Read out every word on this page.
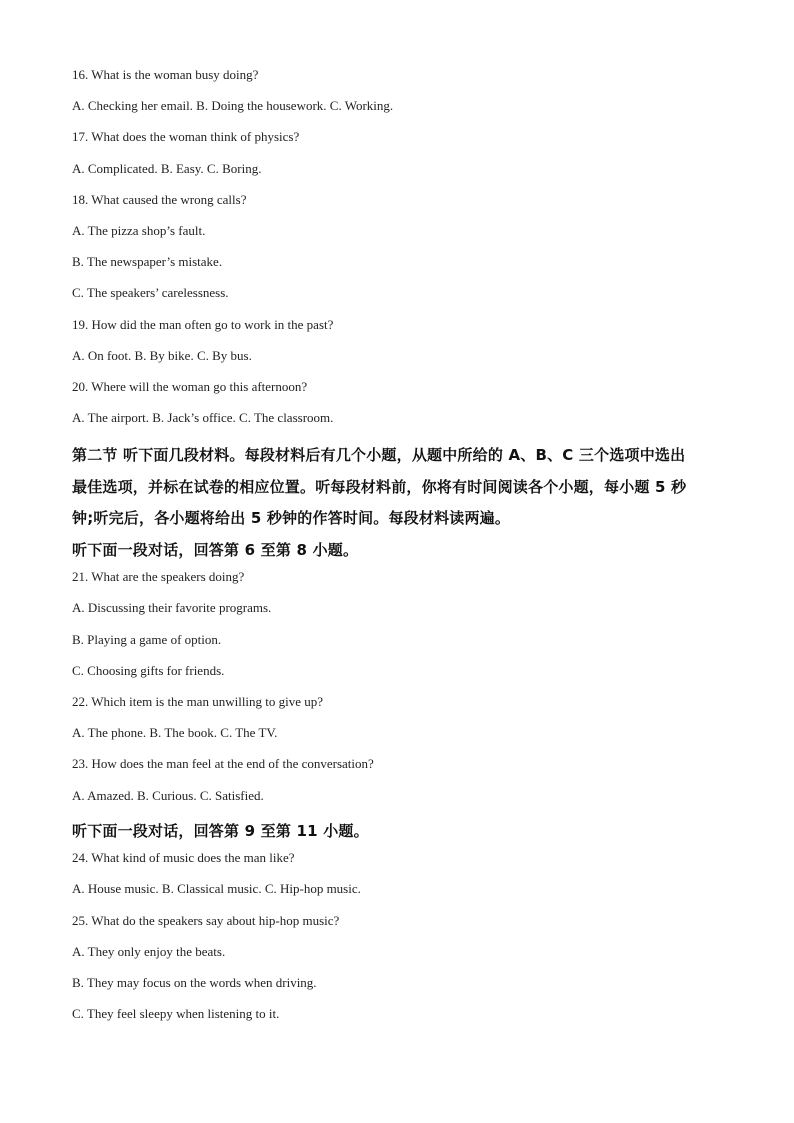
16. What is the woman busy doing?
A. Checking her email. B. Doing the housework. C. Working.
17. What does the woman think of physics?
A. Complicated. B. Easy. C. Boring.
18. What caused the wrong calls?
A. The pizza shop’s fault.
B. The newspaper’s mistake.
C. The speakers’ carelessness.
19. How did the man often go to work in the past?
A. On foot. B. By bike. C. By bus.
20. Where will the woman go this afternoon?
A. The airport. B. Jack’s office. C. The classroom.
第二节 听下面几段材料。每段材料后有几个小题，从题中所给的 A、B、C 三个选项中选出
最佳选项，并标在试卷的相应位置。听每段材料前，你将有时间阅读各个小题，每小题 5 秒
钟;听完后，各小题将给出 5 秒钟的作答时间。每段材料读两遍。
听下面一段对话，回答第 6 至第 8 小题。
21. What are the speakers doing?
A. Discussing their favorite programs.
B. Playing a game of option.
C. Choosing gifts for friends.
22. Which item is the man unwilling to give up?
A. The phone. B. The book. C. The TV.
23. How does the man feel at the end of the conversation?
A. Amazed. B. Curious. C. Satisfied.
听下面一段对话，回答第 9 至第 11 小题。
24. What kind of music does the man like?
A. House music. B. Classical music. C. Hip-hop music.
25. What do the speakers say about hip-hop music?
A. They only enjoy the beats.
B. They may focus on the words when driving.
C. They feel sleepy when listening to it.
